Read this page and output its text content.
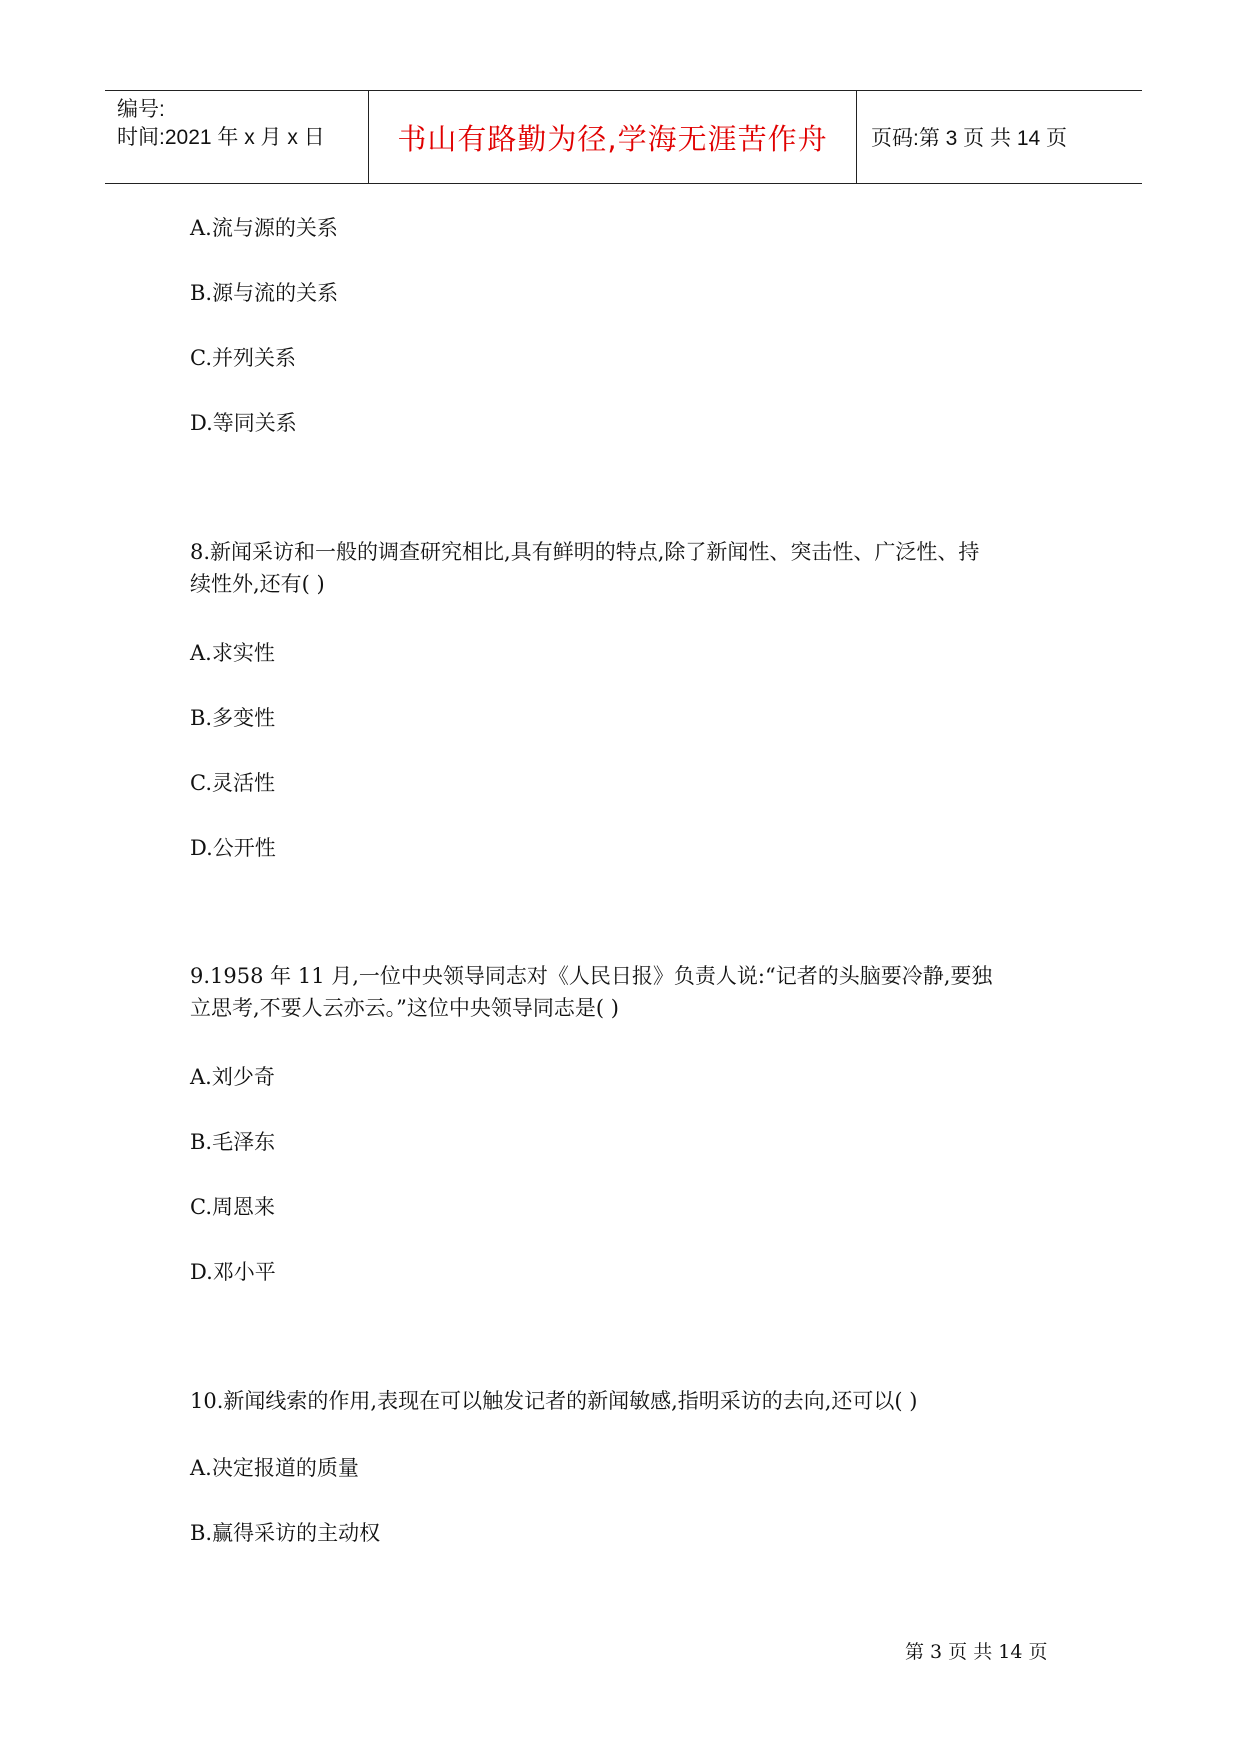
编号:
时间:2021 年 x 月 x 日	书山有路勤为径,学海无涯苦作舟 页码:第 3 页 共 14 页
A.流与源的关系
B.源与流的关系
C.并列关系
D.等同关系
8.新闻采访和一般的调查研究相比,具有鲜明的特点,除了新闻性、突击性、广泛性、持
续性外,还有( )
A.求实性
B.多变性
C.灵活性
D.公开性
9.1958 年 11 月,一位中央领导同志对《人民日报》负责人说:“记者的头脑要冷静,要独
立思考,不要人云亦云。”这位中央领导同志是( )
A.刘少奇
B.毛泽东
C.周恩来
D.邓小平
10.新闻线索的作用,表现在可以触发记者的新闻敏感,指明采访的去向,还可以( )
A.决定报道的质量
B.赢得采访的主动权
第 3 页 共 14 页
